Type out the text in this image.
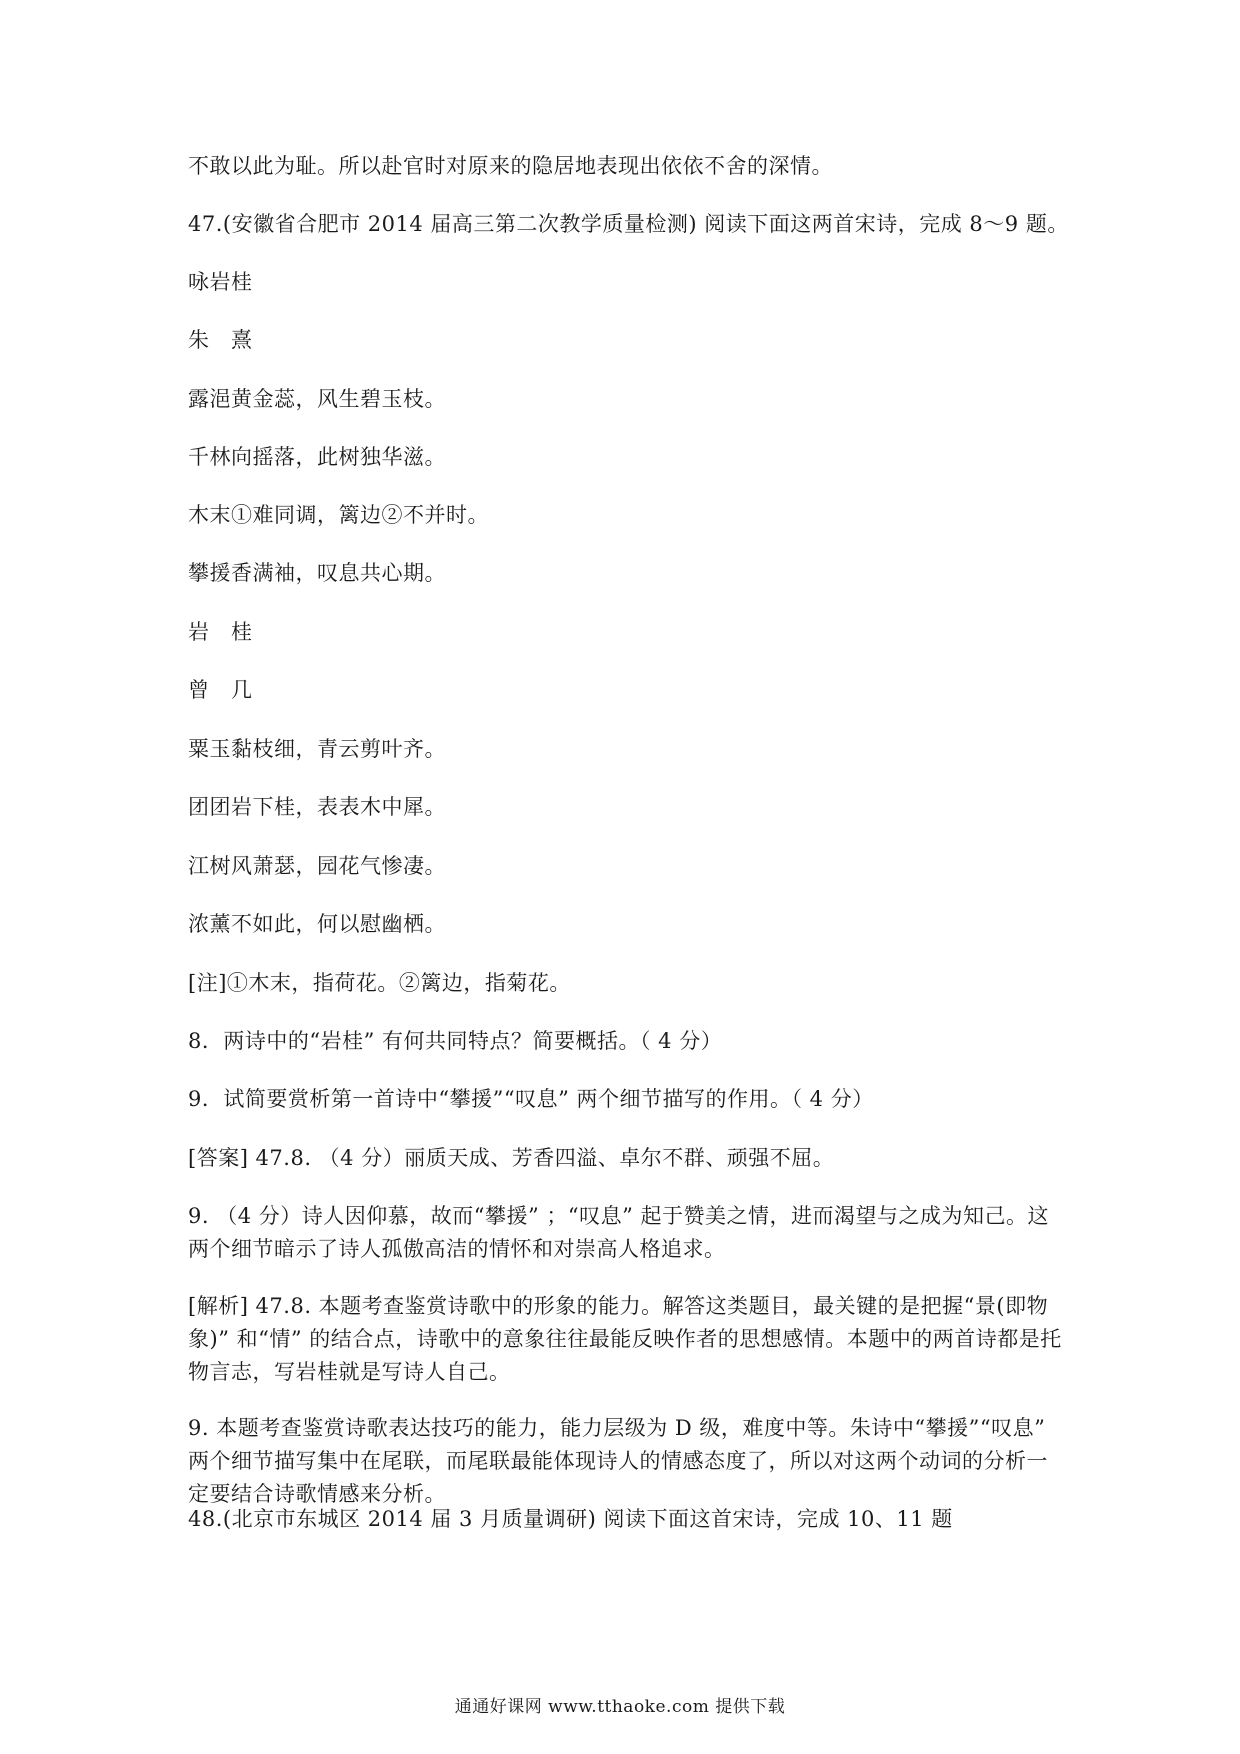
不敢以此为耻。所以赴官时对原来的隐居地表现出依依不舍的深情。
47.(安徽省合肥市 2014 届高三第二次教学质量检测) 阅读下面这两首宋诗，完成 8～9 题。
咏岩桂
朱　熹
露浥黄金蕊，风生碧玉枝。
千林向摇落，此树独华滋。
木末①难同调，篱边②不并时。
攀援香满袖，叹息共心期。
岩　桂
曾　几
粟玉黏枝细，青云剪叶齐。
团团岩下桂，表表木中犀。
江树风萧瑟，园花气惨凄。
浓薰不如此，何以慰幽栖。
[注]①木末，指荷花。②篱边，指菊花。
8．两诗中的“岩桂” 有何共同特点？简要概括。（ 4 分）
9．试简要赏析第一首诗中“攀援”“叹息” 两个细节描写的作用。（ 4 分）
[答案] 47.8. （4 分）丽质天成、芳香四溢、卓尔不群、顽强不屈。
9. （4 分）诗人因仰慕，故而“攀援” ；“叹息” 起于赞美之情，进而渴望与之成为知己。这两个细节暗示了诗人孤傲高洁的情怀和对崇高人格追求。
[解析] 47.8. 本题考查鉴赏诗歌中的形象的能力。解答这类题目，最关键的是把握“景(即物象)” 和“情” 的结合点，诗歌中的意象往往最能反映作者的思想感情。本题中的两首诗都是托物言志，写岩桂就是写诗人自己。
9. 本题考查鉴赏诗歌表达技巧的能力，能力层级为 D 级，难度中等。朱诗中“攀援”“叹息” 两个细节描写集中在尾联，而尾联最能体现诗人的情感态度了，所以对这两个动词的分析一定要结合诗歌情感来分析。
48.(北京市东城区 2014 届 3 月质量调研) 阅读下面这首宋诗，完成 10、11 题
通通好课网 www.tthaoke.com 提供下载
